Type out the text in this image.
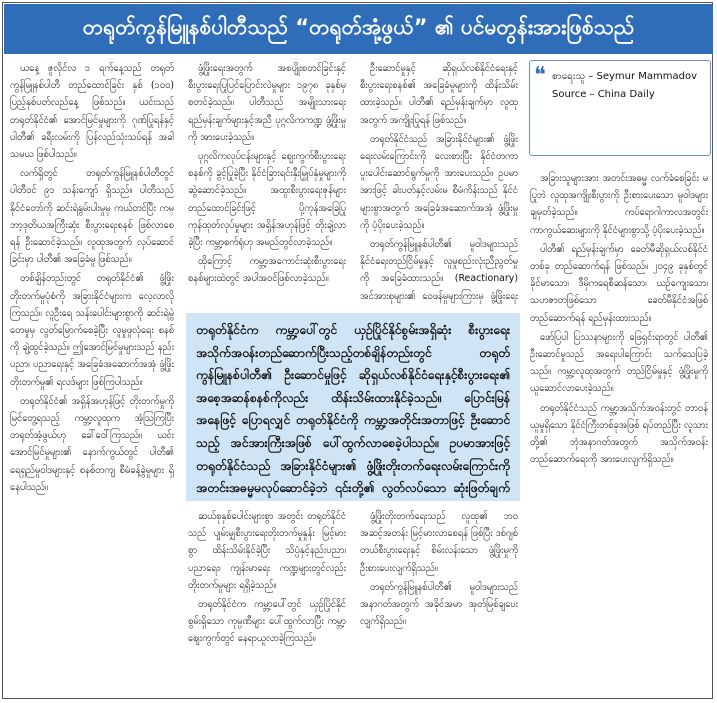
တရုတ်ကွန်မြူနစ်ပါတီသည် “တရုတ်အုံ့ဖွယ်” ၏ ပင်မတွန်းအားဖြစ်သည်

ယနေ့ ဇူလိုင်လ ၁ ရက်နေ့သည် တရုတ်ကွန်မြူနစ်ပါတီ တည်ထောင်ခြင်း နှစ် (၁၀၀) ပြည့်နှစ်ပတ်လည်နေ့ ဖြစ်သည်။ ယင်းသည် တရုတ်နိုင်ငံ၏ အောင်မြင်မှုများကို ဂုဏ်ပြုရန်နှင့် ပါတီ၏ ခရီးလမ်းကို ပြန်လည်သုံးသပ်ရန် အခါသမယ ဖြစ်ပါသည်။

လက်ရှိတွင် တရုတ်ကွန်မြူနစ်ပါတီတွင် ပါတီဝင် ၉၁ သန်းကျော် ရှိသည်။ ပါတီသည် နိုင်ငံတော်ကို ဆင်းရဲနွမ်းပါးမှုမှ ကယ်တင်ပြီး ကမ္ဘာ့ဒုတိယအကြီးဆုံး စီးပွားရေးစနစ် ဖြစ်လာစေရန် ဦးဆောင်ခဲ့သည်။ လူထုအတွက် လုပ်ဆောင်ခြင်းမှာ ပါတီ၏ အခြေခံမူ ဖြစ်သည်။

တစ်ချိန်တည်းတွင် တရုတ်နိုင်ငံ၏ ဖွံ့ဖြိုးတိုးတက်မှုပုံစံကို အခြားနိုင်ငံများက လေ့လာလိုကြသည်။ လူဦးရေ သန်းပေါင်းများစွာကို ဆင်းရဲမွဲတေမှုမှ လွတ်မြောက်စေခဲ့ပြီး လူမှုဖူလုံရေး စနစ်ကို ချဲ့ထွင်ခဲ့သည်။ ဤအောင်မြင်မှုများသည် နည်းပညာ၊ ပညာရေးနှင့် အခြေခံအဆောက်အအုံ ဖွံ့ဖြိုးတိုးတက်မှု၏ ရလဒ်များ ဖြစ်ကြပါသည်။

တရုတ်နိုင်ငံ၏ အရှိန်အဟုန်ဖြင့် တိုးတက်မှုကို မြင်တွေ့ရသည့် ကမ္ဘာ့လူထုက အံ့ဩကြပြီး တရုတ်အံ့ဖွယ်ဟု ခေါ်ဝေါ်ကြသည်။ ယင်းအောင်မြင်မှုများ၏ နောက်ကွယ်တွင် ပါတီ၏ ရေရှည်မူဝါဒများနှင့် စနစ်တကျ စီမံခန့်ခွဲမှုများ ရှိနေပါသည်။

ဖွံ့ဖြိုးရေးအတွက် အစပျိုးစတင်ခြင်းနှင့် စီးပွားရေးပြုပြင်ပြောင်းလဲမှုများ ၁၉၇၈ ခုနှစ်မှ စတင်ခဲ့သည်။ ပါတီသည် အမျိုးသားရေးရည်မှန်းချက်များနှင့်အညီ ပုဂ္ဂလိကကဏ္ဍ ဖွံ့ဖြိုးမှုကို အားပေးခဲ့သည်။

ပုဂ္ဂလိကလုပ်ငန်းများနှင့် စျေးကွက်စီးပွားရေးစနစ်ကို ခွင့်ပြုခဲ့ပြီး နိုင်ငံခြားရင်းနှီးမြှုပ်နှံမှုများကို ဆွဲဆောင်ခဲ့သည်။ အထူးစီးပွားရေးဇုန်များ တည်ထောင်ခြင်းဖြင့် ပို့ကုန်အခြေပြု ကုန်ထုတ်လုပ်မှုများ အရှိန်အဟုန်ဖြင့် တိုးချဲ့လာခဲ့ပြီး ကမ္ဘာ့စက်ရုံဟု အမည်တွင်လာခဲ့သည်။

ထိုကြောင့် ကမ္ဘာ့အကောင်းဆုံးစီးပွားရေးစနစ်များထဲတွင် အပါအဝင်ဖြစ်လာခဲ့သည်။

ဦးဆောင်မှုနှင့် ဆိုရှယ်လစ်နိုင်ငံရေးနှင့် စီးပွားရေးစနစ်၏ အခြေခံမူများကို ထိန်းသိမ်းထားခဲ့သည်။ ပါတီ၏ ရည်မှန်းချက်မှာ လူထုအတွက် အကျိုးပြုရန် ဖြစ်သည်။

တရုတ်နိုင်ငံသည် အခြားနိုင်ငံများ၏ ဖွံ့ဖြိုးရေးလမ်းကြောင်းကို လေးစားပြီး နိုင်ငံတကာ ပူးပေါင်းဆောင်ရွက်မှုကို အားပေးသည်။ ဥပမာအားဖြင့် ခါးပတ်နှင့်လမ်းမ စီမံကိန်းသည် နိုင်ငံများစွာအတွက် အခြေခံအဆောက်အအုံ ဖွံ့ဖြိုးမှုကို ပံ့ပိုးပေးခဲ့သည်။

တရုတ်ကွန်မြူနစ်ပါတီ၏ မူဝါဒများသည် နိုင်ငံရေးတည်ငြိမ်မှုနှင့် လူမှုစည်းလုံးညီညွတ်မှုကို အခြေခံထားသည်။ (Reactionary) အင်အားစုများ၏ ဝေဖန်မှုများကြားမှ ဖွံ့ဖြိုးရေး

တရုတ်နိုင်ငံက ကမ္ဘာ့ပေါ်တွင် ယှဉ်ပြိုင်နိုင်စွမ်းအရှိဆုံး စီးပွားရေးအသိုက်အဝန်းတည်ဆောက်ပြီးသည့်တစ်ချိန်တည်းတွင် တရုတ်ကွန်မြူနစ်ပါတီ၏ ဦးဆောင်မှုဖြင့် ဆိုရှယ်လစ်နိုင်ငံရေးနှင့်စီးပွားရေး၏ အစေ့အဆန်စနစ်ကိုလည်း ထိန်းသိမ်းထားနိုင်ခဲ့သည်။ ပြောင်းမြန်အနေဖြင့် ပြောရလျှင် တရုတ်နိုင်ငံကို ကမ္ဘာ့အတိုင်းအတာဖြင့် ဦးဆောင်သည့် အင်အားကြီးအဖြစ် ပေါ်ထွက်လာစေခဲ့ပါသည်။ ဥပမာအားဖြင့် တရုတ်နိုင်ငံသည် အခြားနိုင်ငံများ၏ ဖွံ့ဖြိုးတိုးတက်ရေးလမ်းကြောင်းကို အတင်းအဓမ္မမလုပ်ဆောင်ခဲ့ဘဲ ၎င်းတို့၏ လွတ်လပ်သော ဆုံးဖြတ်ချက်

ဆယ်စုနှစ်ပေါင်းများစွာ အတွင်း တရုတ်နိုင်ငံသည် ပျမ်းမျှစီးပွားရေးတိုးတက်မှုနှုန်း မြင့်မားစွာ ထိန်းသိမ်းနိုင်ခဲ့ပြီး သိပ္ပံနှင့်နည်းပညာ၊ ပညာရေး၊ ကျန်းမာရေး ကဏ္ဍများတွင်လည်း တိုးတက်မှုများ ရရှိခဲ့သည်။

တရုတ်နိုင်ငံက ကမ္ဘာ့ပေါ်တွင် ယှဉ်ပြိုင်နိုင်စွမ်းရှိသော ကုမ္ပဏီများ ပေါ်ထွက်လာပြီး ကမ္ဘာ့ဈေးကွက်တွင် နေရာယူလာခဲ့ကြသည်။

ဖွံ့ဖြိုးတိုးတက်ရေးသည် လူထု၏ ဘဝအဆင့်အတန်း မြင့်မားလာစေရန် ဖြစ်ပြီး ဒစ်ဂျစ်တယ်စီးပွားရေးနှင့် စိမ်းလန်းသော ဖွံ့ဖြိုးမှုကို ဦးစားပေးလျက်ရှိသည်။

တရုတ်ကွန်မြူနစ်ပါတီ၏ မူဝါဒများသည် အနာဂတ်အတွက် အခိုင်အမာ အုတ်မြစ်ချပေးလျက်ရှိသည်။

❝ စာရေးသူ – Seymur Mammadov
Source – China Daily

အခြားသူများအား အတင်းအဓမ္မ လက်ခံစေခြင်း မပြုဘဲ လူထုအကျိုးစီးပွားကို ဦးစားပေးသော မူဝါဒများ ချမှတ်ခဲ့သည်။ ကပ်ရောဂါကာလအတွင်း ကာကွယ်ဆေးများကို နိုင်ငံများစွာသို့ ပံ့ပိုးပေးခဲ့သည်။

ပါတီ၏ ရည်မှန်းချက်မှာ ခေတ်မီဆိုရှယ်လစ်နိုင်ငံတစ်ခု တည်ဆောက်ရန် ဖြစ်သည်။ ၂၀၄၉ ခုနှစ်တွင် ခိုင်မာသော၊ ဒီမိုကရေစီဆန်သော၊ ယဉ်ကျေးသော၊ သဟဇာတဖြစ်သော ခေတ်မီနိုင်ငံအဖြစ် တည်ဆောက်ရန် ရည်မှန်းထားသည်။

ဖော်ပြပါ ပြဿနာများကို ဖြေရှင်းရာတွင် ပါတီ၏ ဦးဆောင်မှုသည် အရေးပါကြောင်း သက်သေပြခဲ့သည်။ ကမ္ဘာ့လူထုအတွက် တည်ငြိမ်မှုနှင့် ဖွံ့ဖြိုးမှုကို ယူဆောင်လာပေးခဲ့သည်။

တရုတ်နိုင်ငံသည် ကမ္ဘာ့အသိုက်အဝန်းတွင် တာဝန်ယူမှုရှိသော နိုင်ငံကြီးတစ်ခုအဖြစ် ရပ်တည်ပြီး လူသားတို့၏ ဘုံအနာဂတ်အတွက် အသိုက်အဝန်း တည်ဆောက်ရေးကို အားပေးလျက်ရှိသည်။
